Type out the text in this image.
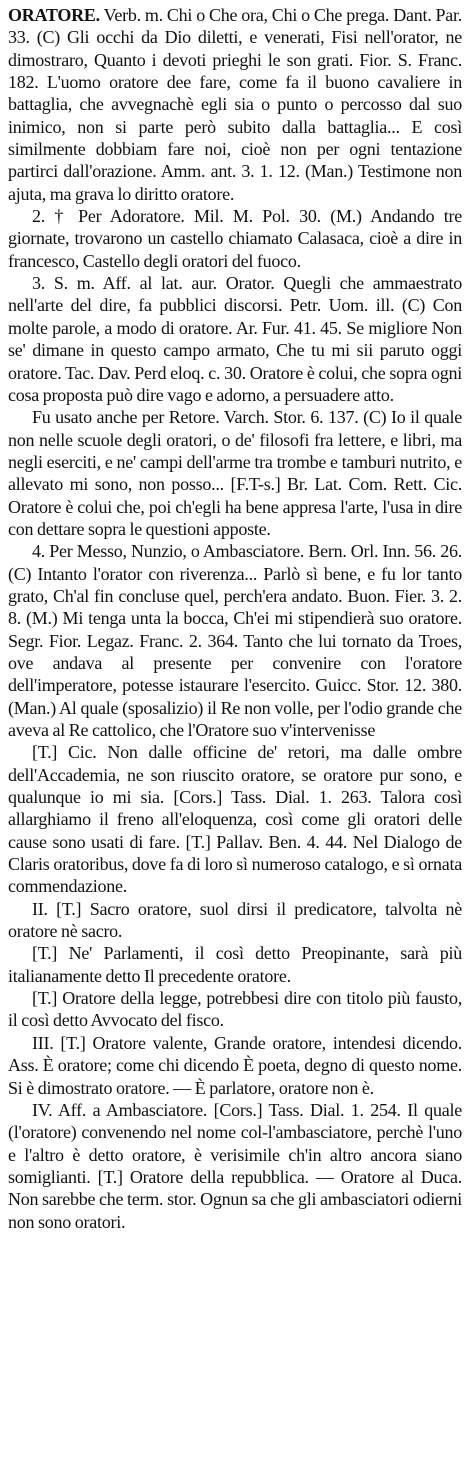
ORATORE. Verb. m. Chi o Che ora, Chi o Che prega. Dant. Par. 33. (C) Gli occhi da Dio diletti, e venerati, Fisi nell'orator, ne dimostraro, Quanto i devoti prieghi le son grati. Fior. S. Franc. 182. L'uomo oratore dee fare, come fa il buono cavaliere in battaglia, che avvegnachè egli sia o punto o percosso dal suo inimico, non si parte però subito dalla battaglia... E così similmente dobbiam fare noi, cioè non per ogni tentazione partirci dall'orazione. Amm. ant. 3. 1. 12. (Man.) Testimone non ajuta, ma grava lo diritto oratore.

2. † Per Adoratore. Mil. M. Pol. 30. (M.) Andando tre giornate, trovarono un castello chiamato Calasaca, cioè a dire in francesco, Castello degli oratori del fuoco.

3. S. m. Aff. al lat. aur. Orator. Quegli che ammaestrato nell'arte del dire, fa pubblici discorsi. Petr. Uom. ill. (C) Con molte parole, a modo di oratore. Ar. Fur. 41. 45. Se migliore Non se' dimane in questo campo armato, Che tu mi sii paruto oggi oratore. Tac. Dav. Perd eloq. c. 30. Oratore è colui, che sopra ogni cosa proposta può dire vago e adorno, a persuadere atto.

Fu usato anche per Retore. Varch. Stor. 6. 137. (C) Io il quale non nelle scuole degli oratori, o de' filosofi fra lettere, e libri, ma negli eserciti, e ne' campi dell'arme tra trombe e tamburi nutrito, e allevato mi sono, non posso... [F.T-s.] Br. Lat. Com. Rett. Cic. Oratore è colui che, poi ch'egli ha bene appresa l'arte, l'usa in dire con dettare sopra le questioni apposte.

4. Per Messo, Nunzio, o Ambasciatore. Bern. Orl. Inn. 56. 26. (C) Intanto l'orator con riverenza... Parlò sì bene, e fu lor tanto grato, Ch'al fin concluse quel, perch'era andato. Buon. Fier. 3. 2. 8. (M.) Mi tenga unta la bocca, Ch'ei mi stipendierà suo oratore. Segr. Fior. Legaz. Franc. 2. 364. Tanto che lui tornato da Troes, ove andava al presente per convenire con l'oratore dell'imperatore, potesse istaurare l'esercito. Guicc. Stor. 12. 380. (Man.) Al quale (sposalizio) il Re non volle, per l'odio grande che aveva al Re cattolico, che l'Oratore suo v'intervenisse

[T.] Cic. Non dalle officine de' retori, ma dalle ombre dell'Accademia, ne son riuscito oratore, se oratore pur sono, e qualunque io mi sia. [Cors.] Tass. Dial. 1. 263. Talora così allarghiamo il freno all'eloquenza, così come gli oratori delle cause sono usati di fare. [T.] Pallav. Ben. 4. 44. Nel Dialogo de Claris oratoribus, dove fa di loro sì numeroso catalogo, e sì ornata commendazione.

II. [T.] Sacro oratore, suol dirsi il predicatore, talvolta nè oratore nè sacro.

[T.] Ne' Parlamenti, il così detto Preopinante, sarà più italianamente detto Il precedente oratore.

[T.] Oratore della legge, potrebbesi dire con titolo più fausto, il così detto Avvocato del fisco.

III. [T.] Oratore valente, Grande oratore, intendesi dicendo. Ass. È oratore; come chi dicendo È poeta, degno di questo nome. Si è dimostrato oratore. — È parlatore, oratore non è.

IV. Aff. a Ambasciatore. [Cors.] Tass. Dial. 1. 254. Il quale (l'oratore) convenendo nel nome col-l'ambasciatore, perchè l'uno e l'altro è detto oratore, è verisimile ch'in altro ancora siano somiglianti. [T.] Oratore della repubblica. — Oratore al Duca. Non sarebbe che term. stor. Ognun sa che gli ambasciatori odierni non sono oratori.
